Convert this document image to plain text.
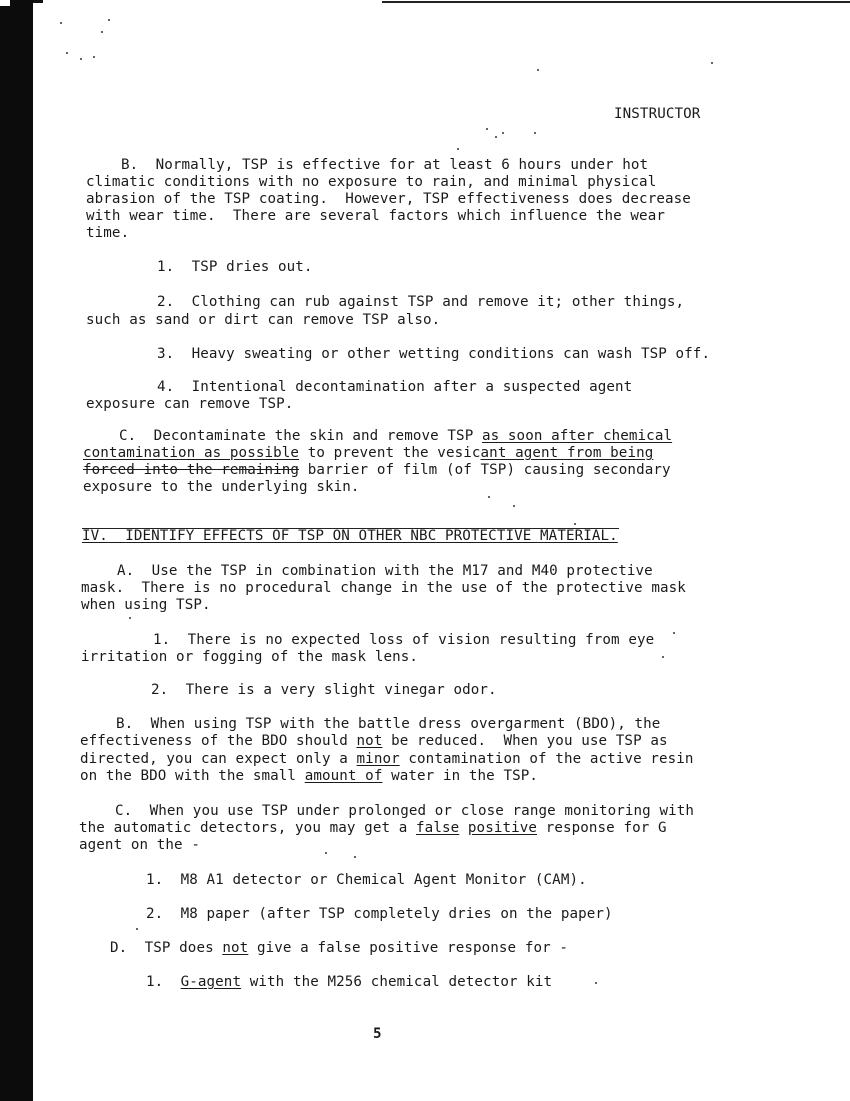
INSTRUCTOR
B. Normally, TSP is effective for at least 6 hours under hot
climatic conditions with no exposure to rain, and minimal physical
abrasion of the TSP coating.  However, TSP effectiveness does decrease
with wear time.  There are several factors which influence the wear
time.
1. TSP dries out.
2. Clothing can rub against TSP and remove it; other things,
such as sand or dirt can remove TSP also.
3. Heavy sweating or other wetting conditions can wash TSP off.
4. Intentional decontamination after a suspected agent
exposure can remove TSP.
C. Decontaminate the skin and remove TSP as soon after chemical
contamination as possible to prevent the vesicant agent from being
forced into the remaining barrier of film (of TSP) causing secondary
exposure to the underlying skin.
IV. IDENTIFY EFFECTS OF TSP ON OTHER NBC PROTECTIVE MATERIAL.
A. Use the TSP in combination with the M17 and M40 protective
mask.  There is no procedural change in the use of the protective mask
when using TSP.
1. There is no expected loss of vision resulting from eye
irritation or fogging of the mask lens.
2. There is a very slight vinegar odor.
B. When using TSP with the battle dress overgarment (BDO), the
effectiveness of the BDO should not be reduced.  When you use TSP as
directed, you can expect only a minor contamination of the active resin
on the BDO with the small amount of water in the TSP.
C. When you use TSP under prolonged or close range monitoring with
the automatic detectors, you may get a false positive response for G
agent on the -
1. M8 A1 detector or Chemical Agent Monitor (CAM).
2. M8 paper (after TSP completely dries on the paper)
D. TSP does not give a false positive response for -
1. G-agent with the M256 chemical detector kit
5
